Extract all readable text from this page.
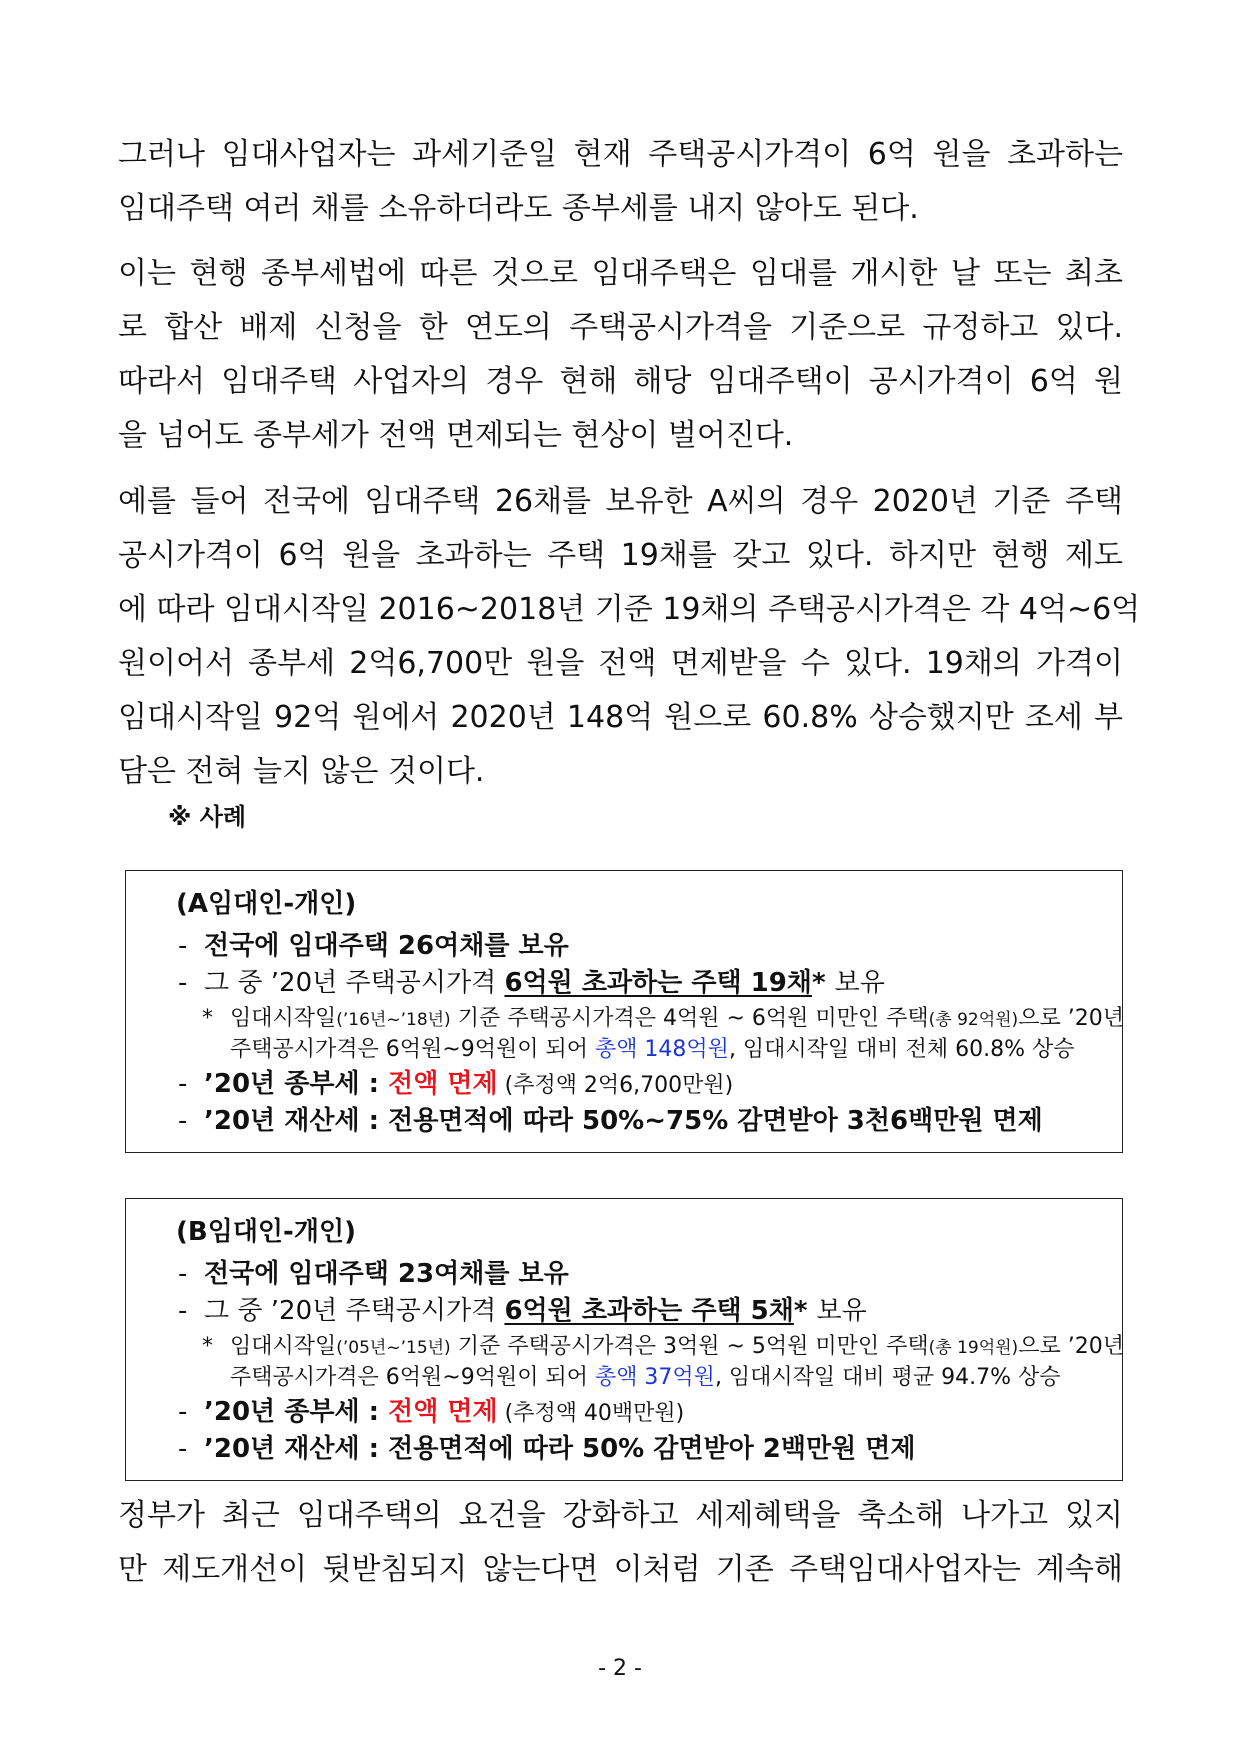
그러나 임대사업자는 과세기준일 현재 주택공시가격이 6억 원을 초과하는
임대주택 여러 채를 소유하더라도 종부세를 내지 않아도 된다.
이는 현행 종부세법에 따른 것으로 임대주택은 임대를 개시한 날 또는 최초
로 합산 배제 신청을 한 연도의 주택공시가격을 기준으로 규정하고 있다.
따라서 임대주택 사업자의 경우 현해 해당 임대주택이 공시가격이 6억 원
을 넘어도 종부세가 전액 면제되는 현상이 벌어진다.
예를 들어 전국에 임대주택 26채를 보유한 A씨의 경우 2020년 기준 주택
공시가격이 6억 원을 초과하는 주택 19채를 갖고 있다. 하지만 현행 제도
에 따라 임대시작일 2016~2018년 기준 19채의 주택공시가격은 각 4억~6억
원이어서 종부세 2억6,700만 원을 전액 면제받을 수 있다. 19채의 가격이
임대시작일 92억 원에서 2020년 148억 원으로 60.8% 상승했지만 조세 부
담은 전혀 늘지 않은 것이다.
※ 사례
(A임대인-개인)
- 전국에 임대주택 26여채를 보유
- 그 중 ’20년 주택공시가격 6억원 초과하는 주택 19채* 보유
* 임대시작일(’16년~’18년) 기준 주택공시가격은 4억원 ~ 6억원 미만인 주택(총 92억원)으로 ’20년
주택공시가격은 6억원~9억원이 되어 총액 148억원, 임대시작일 대비 전체 60.8% 상승
- ’20년 종부세 : 전액 면제 (추정액 2억6,700만원)
- ’20년 재산세 : 전용면적에 따라 50%~75% 감면받아 3천6백만원 면제
(B임대인-개인)
- 전국에 임대주택 23여채를 보유
- 그 중 ’20년 주택공시가격 6억원 초과하는 주택 5채* 보유
* 임대시작일(’05년~’15년) 기준 주택공시가격은 3억원 ~ 5억원 미만인 주택(총 19억원)으로 ’20년
주택공시가격은 6억원~9억원이 되어 총액 37억원, 임대시작일 대비 평균 94.7% 상승
- ’20년 종부세 : 전액 면제 (추정액 40백만원)
- ’20년 재산세 : 전용면적에 따라 50% 감면받아 2백만원 면제
정부가 최근 임대주택의 요건을 강화하고 세제혜택을 축소해 나가고 있지
만 제도개선이 뒷받침되지 않는다면 이처럼 기존 주택임대사업자는 계속해
- 2 -
